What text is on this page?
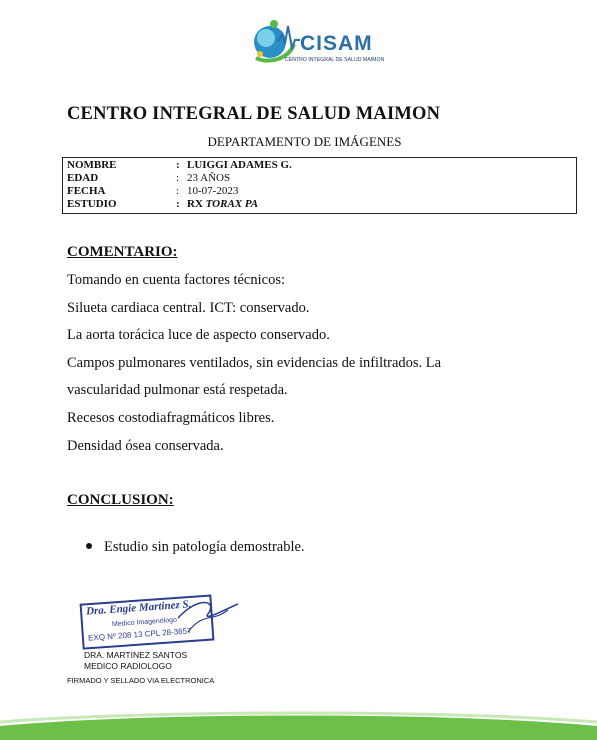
CISAM
CENTRO INTEGRAL DE SALUD MAIMON
CENTRO INTEGRAL DE SALUD MAIMON
DEPARTAMENTO DE IMÁGENES
NOMBRE	: LUIGGI ADAMES G.
EDAD	: 23 AÑOS
FECHA	: 10-07-2023
ESTUDIO	: RX TORAX PA
COMENTARIO:
Tomando en cuenta factores técnicos:
Silueta cardiaca central. ICT: conservado.
La aorta torácica luce de aspecto conservado.
Campos pulmonares ventilados, sin evidencias de infiltrados. La
vascularidad pulmonar está respetada.
Recesos costodiafragmáticos libres.
Densidad ósea conservada.
CONCLUSION:
Estudio sin patología demostrable.
Dra. Engie Martinez S.
Medico Imagenólogo
EXQ Nº 208 13 CPL 28-3657
DRA. MARTINEZ SANTOS
MEDICO RADIOLOGO
FIRMADO Y SELLADO VIA ELECTRONICA
